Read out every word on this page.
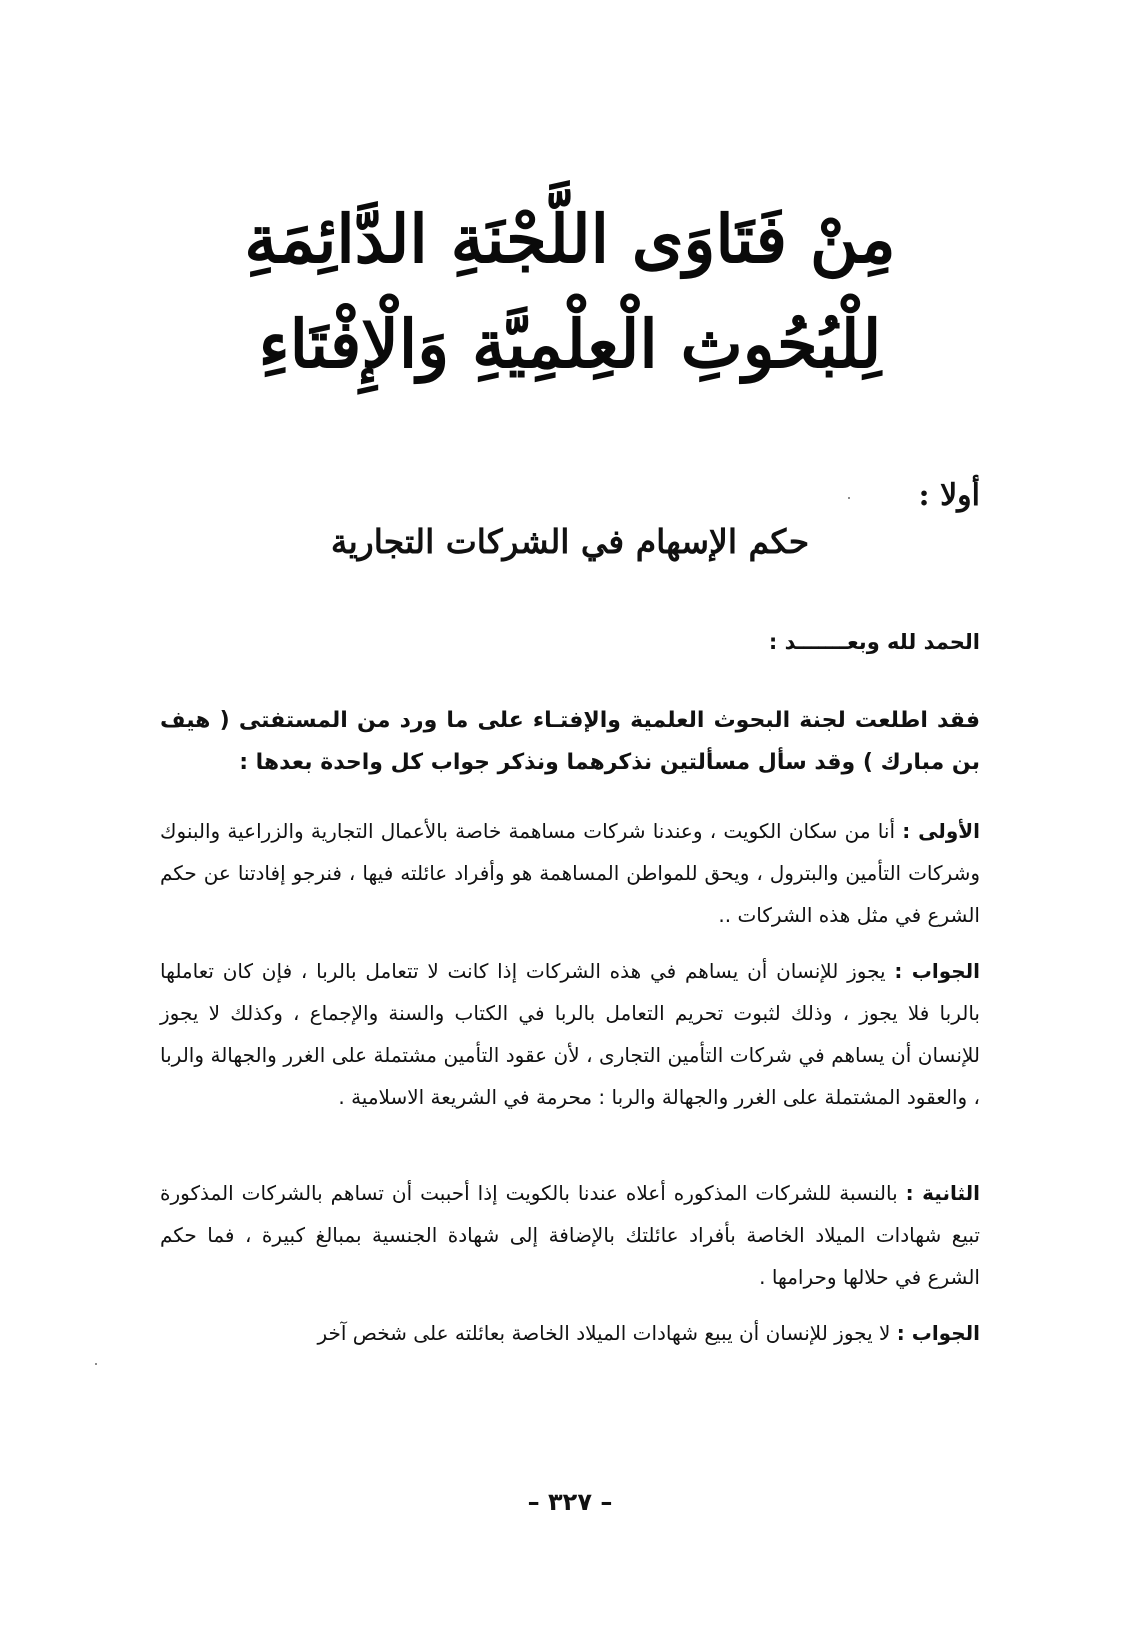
مِنْ فَتَاوَى اللَّجْنَةِ الدَّائِمَةِ
لِلْبُحُوثِ الْعِلْمِيَّةِ وَالْإِفْتَاءِ
أولا :
حكم الإسهام في الشركات التجارية
الحمد لله وبعـــــــد :
فقد اطلعت لجنة البحوث العلمية والإفتـاء على ما ورد من المستفتى ( هيف بن مبارك ) وقد سأل مسألتين نذكرهما ونذكر جواب كل واحدة بعدها :
الأولى : أنا من سكان الكويت ، وعندنا شركات مساهمة خاصة بالأعمال التجارية والزراعية والبنوك وشركات التأمين والبترول ، ويحق للمواطن المساهمة هو وأفراد عائلته فيها ، فنرجو إفادتنا عن حكم الشرع في مثل هذه الشركات ..
الجواب : يجوز للإنسان أن يساهم في هذه الشركات إذا كانت لا تتعامل بالربا ، فإن كان تعاملها بالربا فلا يجوز ، وذلك لثبوت تحريم التعامل بالربا في الكتاب والسنة والإجماع ، وكذلك لا يجوز للإنسان أن يساهم في شركات التأمين التجارى ، لأن عقود التأمين مشتملة على الغرر والجهالة والربا ، والعقود المشتملة على الغرر والجهالة والربا : محرمة في الشريعة الاسلامية .
الثانية : بالنسبة للشركات المذكوره أعلاه عندنا بالكويت إذا أحببت أن تساهم بالشركات المذكورة تبيع شهادات الميلاد الخاصة بأفراد عائلتك بالإضافة إلى شهادة الجنسية بمبالغ كبيرة ، فما حكم الشرع في حلالها وحرامها .
الجواب : لا يجوز للإنسان أن يبيع شهادات الميلاد الخاصة بعائلته على شخص آخر
– ٣٢٧ –
